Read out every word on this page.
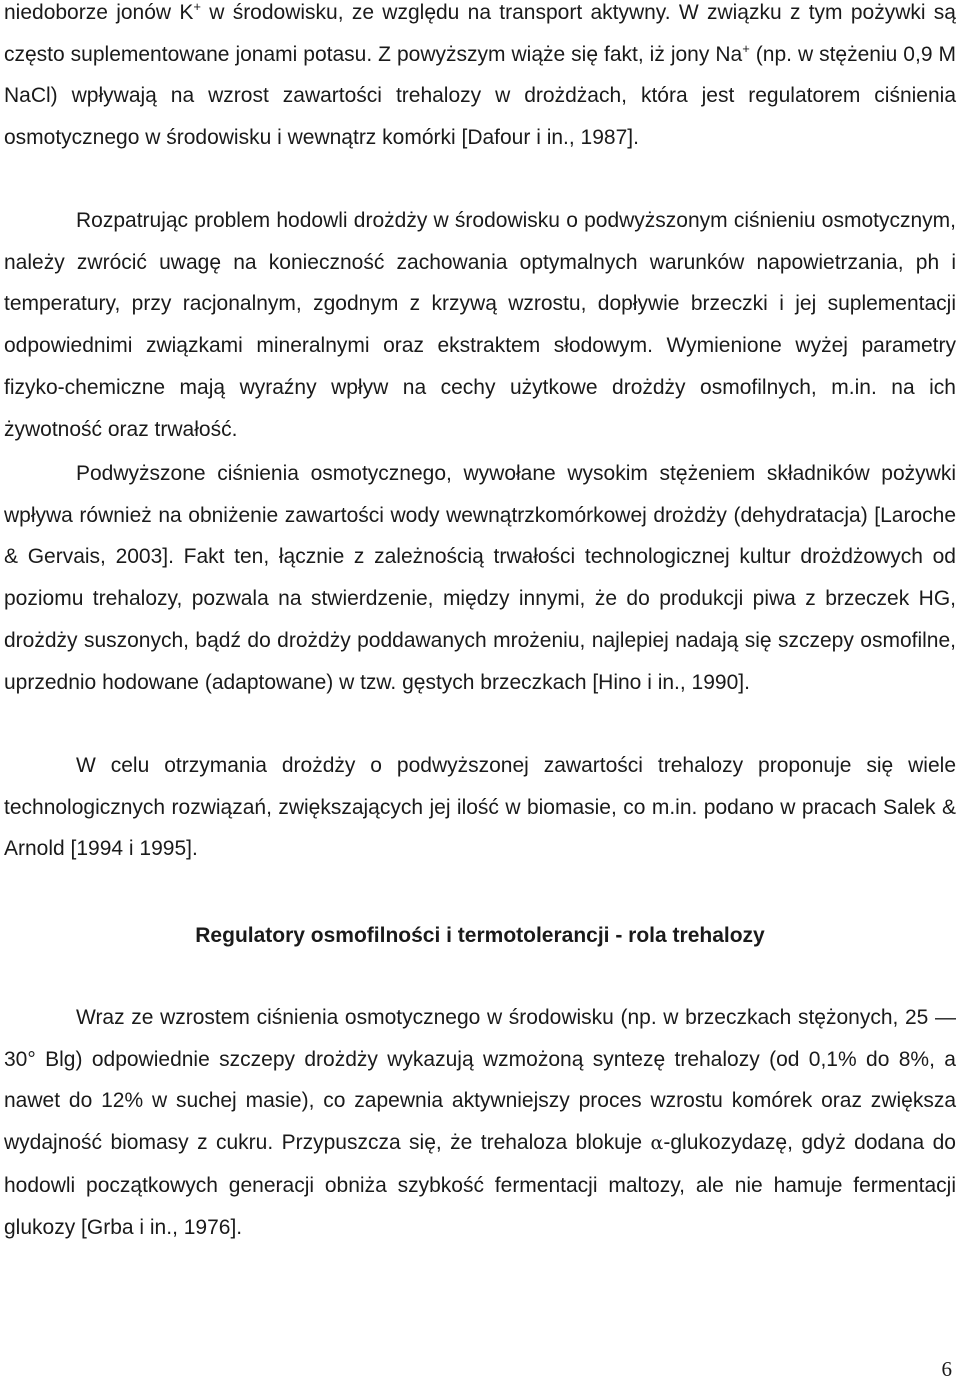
niedoborze jonów K+ w środowisku, ze względu na transport aktywny. W związku z tym pożywki są często suplementowane jonami potasu. Z powyższym wiąże się fakt, iż jony Na+ (np. w stężeniu 0,9 M NaCl) wpływają na wzrost zawartości trehalozy w drożdżach, która jest regulatorem ciśnienia osmotycznego w środowisku i wewnątrz komórki [Dafour i in., 1987].

Rozpatrując problem hodowli drożdży w środowisku o podwyższonym ciśnieniu osmotycznym, należy zwrócić uwagę na konieczność zachowania optymalnych warunków napowietrzania, ph i temperatury, przy racjonalnym, zgodnym z krzywą wzrostu, dopływie brzeczki i jej suplementacji odpowiednimi związkami mineralnymi oraz ekstraktem słodowym. Wymienione wyżej parametry fizyko-chemiczne mają wyraźny wpływ na cechy użytkowe drożdży osmofilnych, m.in. na ich żywotność oraz trwałość.

Podwyższone ciśnienia osmotycznego, wywołane wysokim stężeniem składników pożywki wpływa również na obniżenie zawartości wody wewnątrzkomórkowej drożdży (dehydratacja) [Laroche & Gervais, 2003]. Fakt ten, łącznie z zależnością trwałości technologicznej kultur drożdżowych od poziomu trehalozy, pozwala na stwierdzenie, między innymi, że do produkcji piwa z brzeczek HG, drożdży suszonych, bądź do drożdży poddawanych mrożeniu, najlepiej nadają się szczepy osmofilne, uprzednio hodowane (adaptowane) w tzw. gęstych brzeczkach [Hino i in., 1990].

W celu otrzymania drożdży o podwyższonej zawartości trehalozy proponuje się wiele technologicznych rozwiązań, zwiększających jej ilość w biomasie, co m.in. podano w pracach Salek & Arnold [1994 i 1995].

Regulatory osmofilności i termotolerancji - rola trehalozy

Wraz ze wzrostem ciśnienia osmotycznego w środowisku (np. w brzeczkach stężonych, 25 — 30° Blg) odpowiednie szczepy drożdży wykazują wzmożoną syntezę trehalozy (od 0,1% do 8%, a nawet do 12% w suchej masie), co zapewnia aktywniejszy proces wzrostu komórek oraz zwiększa wydajność biomasy z cukru. Przypuszcza się, że trehaloza blokuje α-glukozydazę, gdyż dodana do hodowli początkowych generacji obniża szybkość fermentacji maltozy, ale nie hamuje fermentacji glukozy [Grba i in., 1976].

6
